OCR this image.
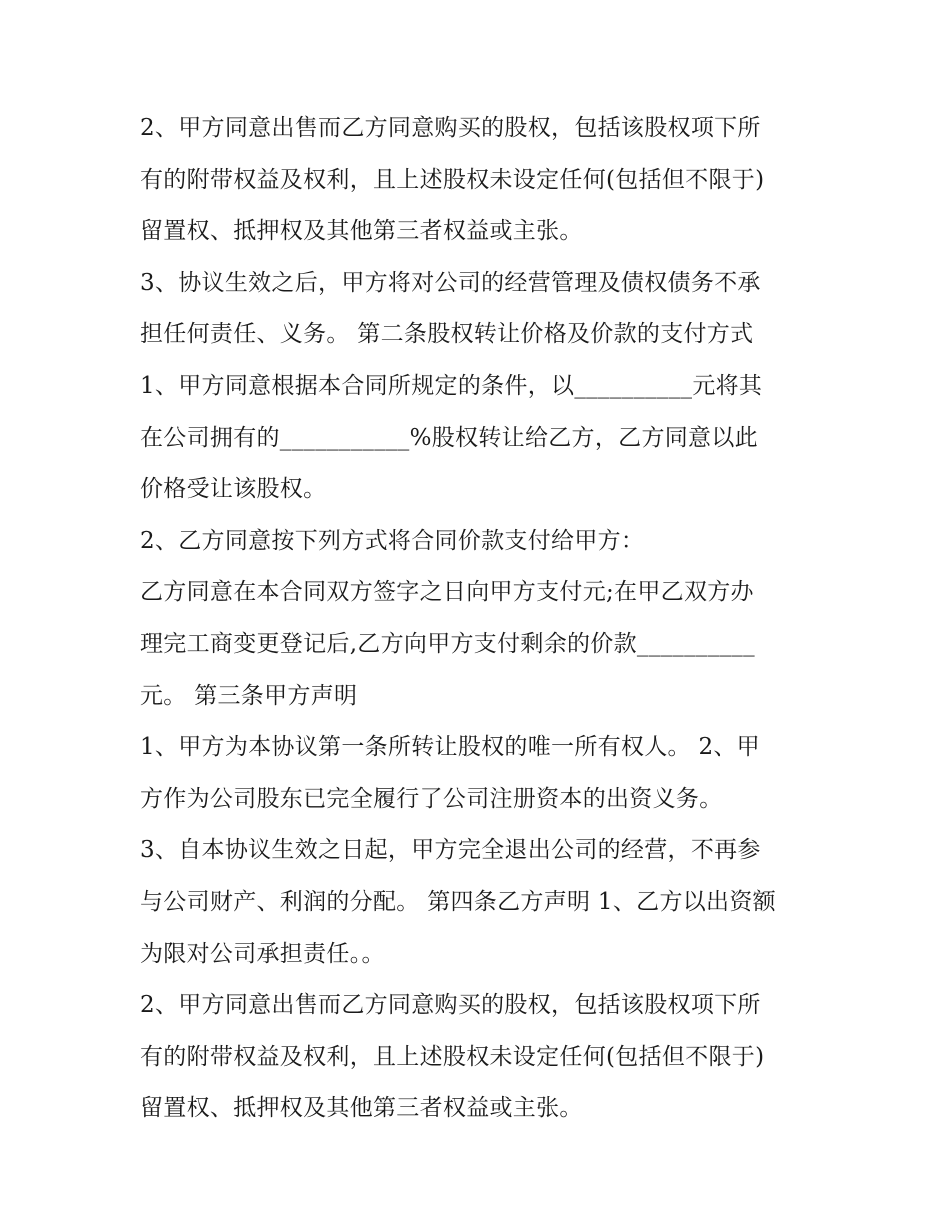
2、甲方同意出售而乙方同意购买的股权，包括该股权项下所
有的附带权益及权利，且上述股权未设定任何(包括但不限于)
留置权、抵押权及其他第三者权益或主张。
3、协议生效之后，甲方将对公司的经营管理及债权债务不承
担任何责任、义务。 第二条股权转让价格及价款的支付方式
1、甲方同意根据本合同所规定的条件，以__________元将其
在公司拥有的___________%股权转让给乙方，乙方同意以此
价格受让该股权。
2、乙方同意按下列方式将合同价款支付给甲方：
乙方同意在本合同双方签字之日向甲方支付元;在甲乙双方办
理完工商变更登记后,乙方向甲方支付剩余的价款__________
元。 第三条甲方声明
1、甲方为本协议第一条所转让股权的唯一所有权人。 2、甲
方作为公司股东已完全履行了公司注册资本的出资义务。
3、自本协议生效之日起，甲方完全退出公司的经营，不再参
与公司财产、利润的分配。 第四条乙方声明 1、乙方以出资额
为限对公司承担责任。。
2、甲方同意出售而乙方同意购买的股权，包括该股权项下所
有的附带权益及权利，且上述股权未设定任何(包括但不限于)
留置权、抵押权及其他第三者权益或主张。
